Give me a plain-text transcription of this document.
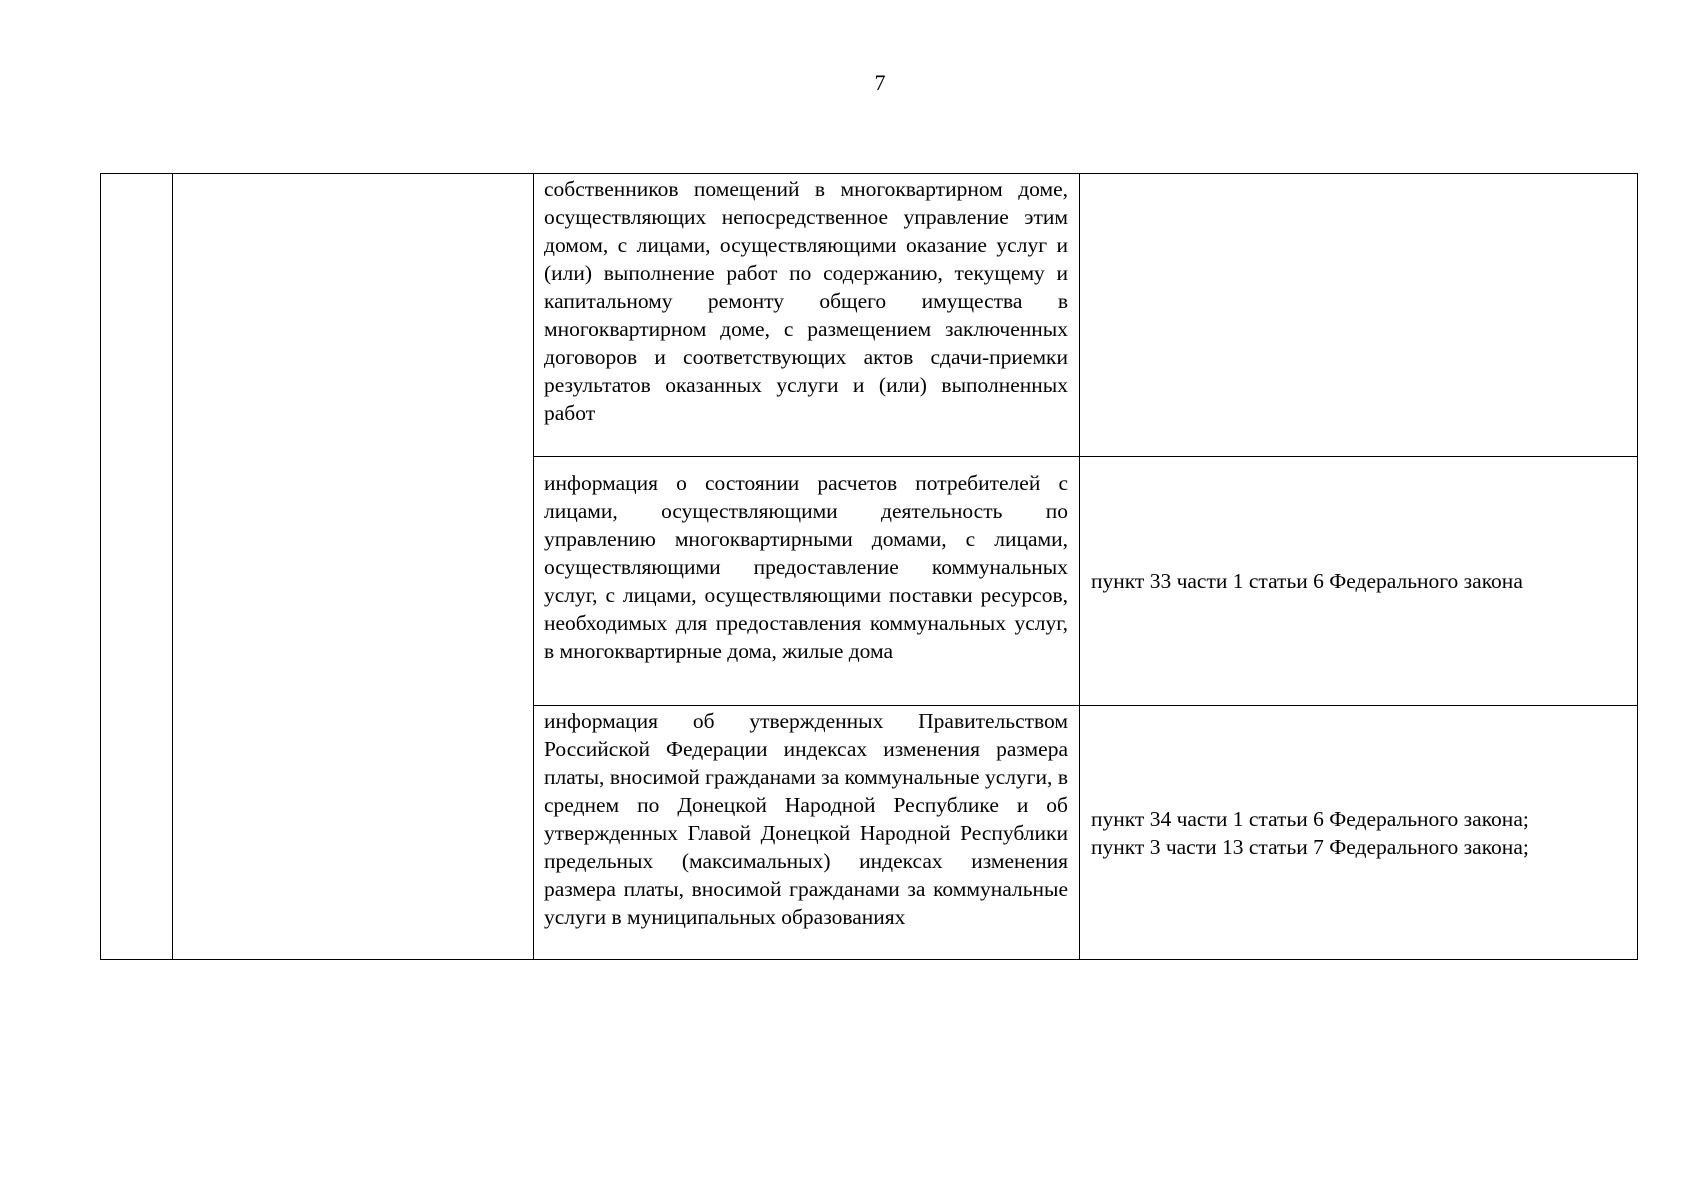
7
		собственников помещений в многоквартирном доме, осуществляющих непосредственное управление этим домом, с лицами, осуществляющими оказание услуг и (или) выполнение работ по содержанию, текущему и капитальному ремонту общего имущества в многоквартирном доме, с размещением заключенных договоров и соответствующих актов сдачи-приемки результатов оказанных услуги и (или) выполненных работ	

		информация о состоянии расчетов потребителей с лицами, осуществляющими деятельность по управлению многоквартирными домами, с лицами, осуществляющими предоставление коммунальных услуг, с лицами, осуществляющими поставки ресурсов, необходимых для предоставления коммунальных услуг, в многоквартирные дома, жилые дома	пункт 33 части 1 статьи 6 Федерального закона

		информация об утвержденных Правительством Российской Федерации индексах изменения размера платы, вносимой гражданами за коммунальные услуги, в среднем по Донецкой Народной Республике и об утвержденных Главой Донецкой Народной Республики предельных (максимальных) индексах изменения размера платы, вносимой гражданами за коммунальные услуги в муниципальных образованиях	пункт 34 части 1 статьи 6 Федерального закона;
пункт 3 части 13 статьи 7 Федерального закона;
